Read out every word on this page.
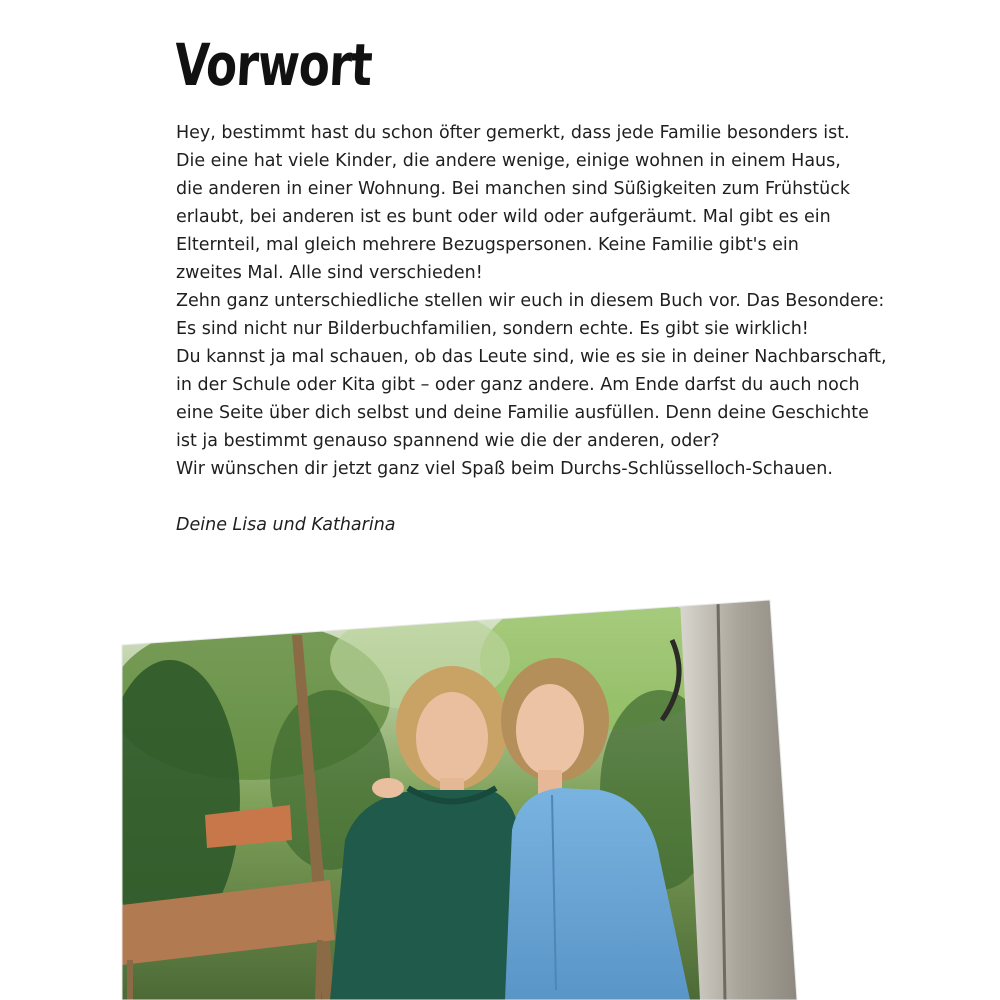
Vorwort

Hey, bestimmt hast du schon öfter gemerkt, dass jede Familie besonders ist.

Die eine hat viele Kinder, die andere wenige, einige wohnen in einem Haus,

die anderen in einer Wohnung. Bei manchen sind Süßigkeiten zum Frühstück

erlaubt, bei anderen ist es bunt oder wild oder aufgeräumt. Mal gibt es ein

Elternteil, mal gleich mehrere Bezugspersonen. Keine Familie gibt's ein

zweites Mal. Alle sind verschieden!

Zehn ganz unterschiedliche stellen wir euch in diesem Buch vor. Das Besondere:

Es sind nicht nur Bilderbuchfamilien, sondern echte. Es gibt sie wirklich!

Du kannst ja mal schauen, ob das Leute sind, wie es sie in deiner Nachbarschaft,

in der Schule oder Kita gibt – oder ganz andere. Am Ende darfst du auch noch

eine Seite über dich selbst und deine Familie ausfüllen. Denn deine Geschichte

ist ja bestimmt genauso spannend wie die der anderen, oder?

Wir wünschen dir jetzt ganz viel Spaß beim Durchs-Schlüsselloch-Schauen.

Deine Lisa und Katharina
